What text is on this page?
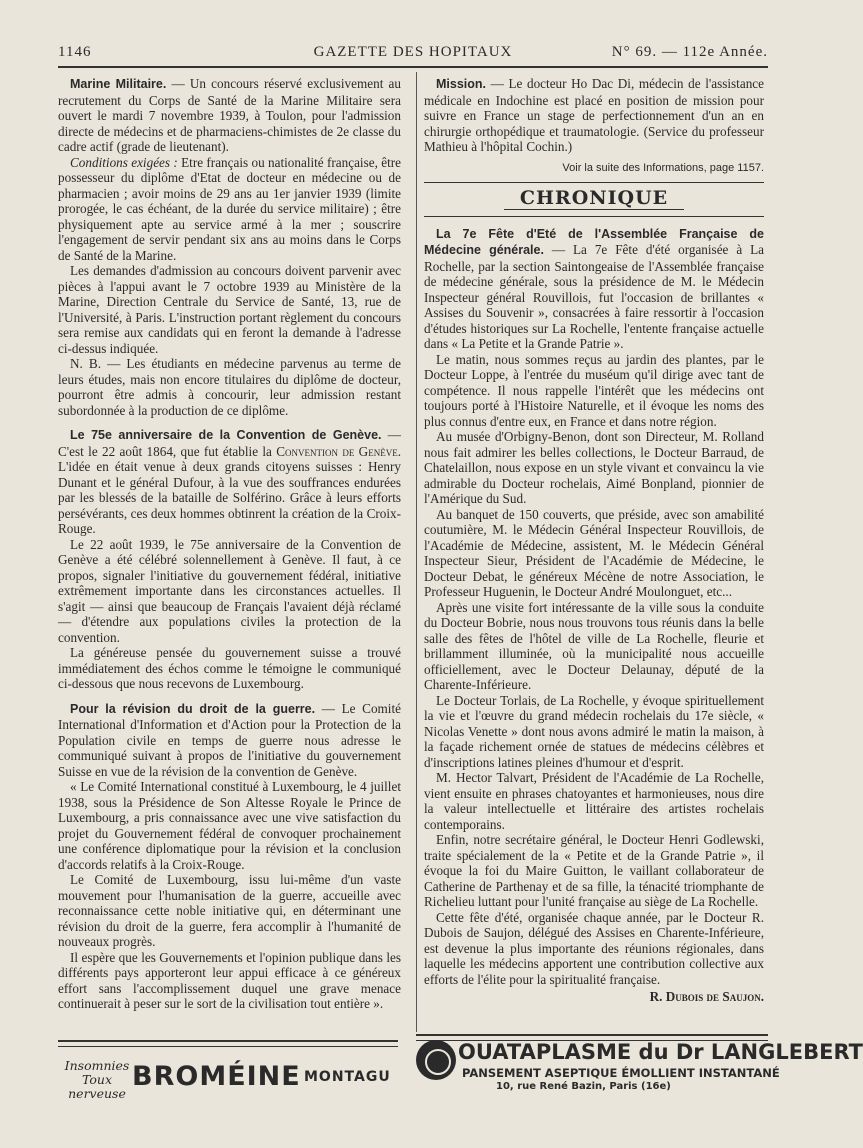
1146	GAZETTE DES HOPITAUX	N° 69. — 112e Année.

Marine Militaire. — Un concours réservé exclusivement au recrutement du Corps de Santé de la Marine Militaire sera ouvert le mardi 7 novembre 1939, à Toulon, pour l'admission directe de médecins et de pharmaciens-chimistes de 2e classe du cadre actif (grade de lieutenant).

Conditions exigées : Etre français ou nationalité française, être possesseur du diplôme d'Etat de docteur en médecine ou de pharmacien ; avoir moins de 29 ans au 1er janvier 1939 (limite prorogée, le cas échéant, de la durée du service militaire) ; être physiquement apte au service armé à la mer ; souscrire l'engagement de servir pendant six ans au moins dans le Corps de Santé de la Marine.

Les demandes d'admission au concours doivent parvenir avec pièces à l'appui avant le 7 octobre 1939 au Ministère de la Marine, Direction Centrale du Service de Santé, 13, rue de l'Université, à Paris. L'instruction portant règlement du concours sera remise aux candidats qui en feront la demande à l'adresse ci-dessus indiquée.

N. B. — Les étudiants en médecine parvenus au terme de leurs études, mais non encore titulaires du diplôme de docteur, pourront être admis à concourir, leur admission restant subordonnée à la production de ce diplôme.

Le 75e anniversaire de la Convention de Genève. — C'est le 22 août 1864, que fut établie la Convention de Genève. L'idée en était venue à deux grands citoyens suisses : Henry Dunant et le général Dufour, à la vue des souffrances endurées par les blessés de la bataille de Solférino. Grâce à leurs efforts persévérants, ces deux hommes obtinrent la création de la Croix-Rouge.

Le 22 août 1939, le 75e anniversaire de la Convention de Genève a été célébré solennellement à Genève. Il faut, à ce propos, signaler l'initiative du gouvernement fédéral, initiative extrêmement importante dans les circonstances actuelles. Il s'agit — ainsi que beaucoup de Français l'avaient déjà réclamé — d'étendre aux populations civiles la protection de la convention.

La généreuse pensée du gouvernement suisse a trouvé immédiatement des échos comme le témoigne le communiqué ci-dessous que nous recevons de Luxembourg.

Pour la révision du droit de la guerre. — Le Comité International d'Information et d'Action pour la Protection de la Population civile en temps de guerre nous adresse le communiqué suivant à propos de l'initiative du gouvernement Suisse en vue de la révision de la convention de Genève.

« Le Comité International constitué à Luxembourg, le 4 juillet 1938, sous la Présidence de Son Altesse Royale le Prince de Luxembourg, a pris connaissance avec une vive satisfaction du projet du Gouvernement fédéral de convoquer prochainement une conférence diplomatique pour la révision et la conclusion d'accords relatifs à la Croix-Rouge.

Le Comité de Luxembourg, issu lui-même d'un vaste mouvement pour l'humanisation de la guerre, accueille avec reconnaissance cette noble initiative qui, en déterminant une révision du droit de la guerre, fera accomplir à l'humanité de nouveaux progrès.

Il espère que les Gouvernements et l'opinion publique dans les différents pays apporteront leur appui efficace à ce généreux effort sans l'accomplissement duquel une grave menace continuerait à peser sur le sort de la civilisation tout entière ».

Mission. — Le docteur Ho Dac Di, médecin de l'assistance médicale en Indochine est placé en position de mission pour suivre en France un stage de perfectionnement d'un an en chirurgie orthopédique et traumatologie. (Service du professeur Mathieu à l'hôpital Cochin.)

Voir la suite des Informations, page 1157.

CHRONIQUE

La 7e Fête d'Eté de l'Assemblée Française de Médecine générale. — La 7e Fête d'été organisée à La Rochelle, par la section Saintongeaise de l'Assemblée française de médecine générale, sous la présidence de M. le Médecin Inspecteur général Rouvillois, fut l'occasion de brillantes « Assises du Souvenir », consacrées à faire ressortir à l'occasion d'études historiques sur La Rochelle, l'entente française actuelle dans « La Petite et la Grande Patrie ».

Le matin, nous sommes reçus au jardin des plantes, par le Docteur Loppe, à l'entrée du muséum qu'il dirige avec tant de compétence. Il nous rappelle l'intérêt que les médecins ont toujours porté à l'Histoire Naturelle, et il évoque les noms des plus connus d'entre eux, en France et dans notre région.

Au musée d'Orbigny-Benon, dont son Directeur, M. Rolland nous fait admirer les belles collections, le Docteur Barraud, de Chatelaillon, nous expose en un style vivant et convaincu la vie admirable du Docteur rochelais, Aimé Bonpland, pionnier de l'Amérique du Sud.

Au banquet de 150 couverts, que préside, avec son amabilité coutumière, M. le Médecin Général Inspecteur Rouvillois, de l'Académie de Médecine, assistent, M. le Médecin Général Inspecteur Sieur, Président de l'Académie de Médecine, le Docteur Debat, le généreux Mécène de notre Association, le Professeur Huguenin, le Docteur André Moulonguet, etc...

Après une visite fort intéressante de la ville sous la conduite du Docteur Bobrie, nous nous trouvons tous réunis dans la belle salle des fêtes de l'hôtel de ville de La Rochelle, fleurie et brillamment illuminée, où la municipalité nous accueille officiellement, avec le Docteur Delaunay, député de la Charente-Inférieure.

Le Docteur Torlais, de La Rochelle, y évoque spirituellement la vie et l'œuvre du grand médecin rochelais du 17e siècle, « Nicolas Venette » dont nous avons admiré le matin la maison, à la façade richement ornée de statues de médecins célèbres et d'inscriptions latines pleines d'humour et d'esprit.

M. Hector Talvart, Président de l'Académie de La Rochelle, vient ensuite en phrases chatoyantes et harmonieuses, nous dire la valeur intellectuelle et littéraire des artistes rochelais contemporains.

Enfin, notre secrétaire général, le Docteur Henri Godlewski, traite spécialement de la « Petite et de la Grande Patrie », il évoque la foi du Maire Guitton, le vaillant collaborateur de Catherine de Parthenay et de sa fille, la ténacité triomphante de Richelieu luttant pour l'unité française au siège de La Rochelle.

Cette fête d'été, organisée chaque année, par le Docteur R. Dubois de Saujon, délégué des Assises en Charente-Inférieure, est devenue la plus importante des réunions régionales, dans laquelle les médecins apportent une contribution collective aux efforts de l'élite pour la spiritualité française.

R. Dubois de Saujon.

Insomnies
Toux nerveuse
BROMÉINE MONTAGU
OUATAPLASME du Dr LANGLEBERT
PANSEMENT ASEPTIQUE ÉMOLLIENT INSTANTANÉ
10, rue René Bazin, Paris (16e)
